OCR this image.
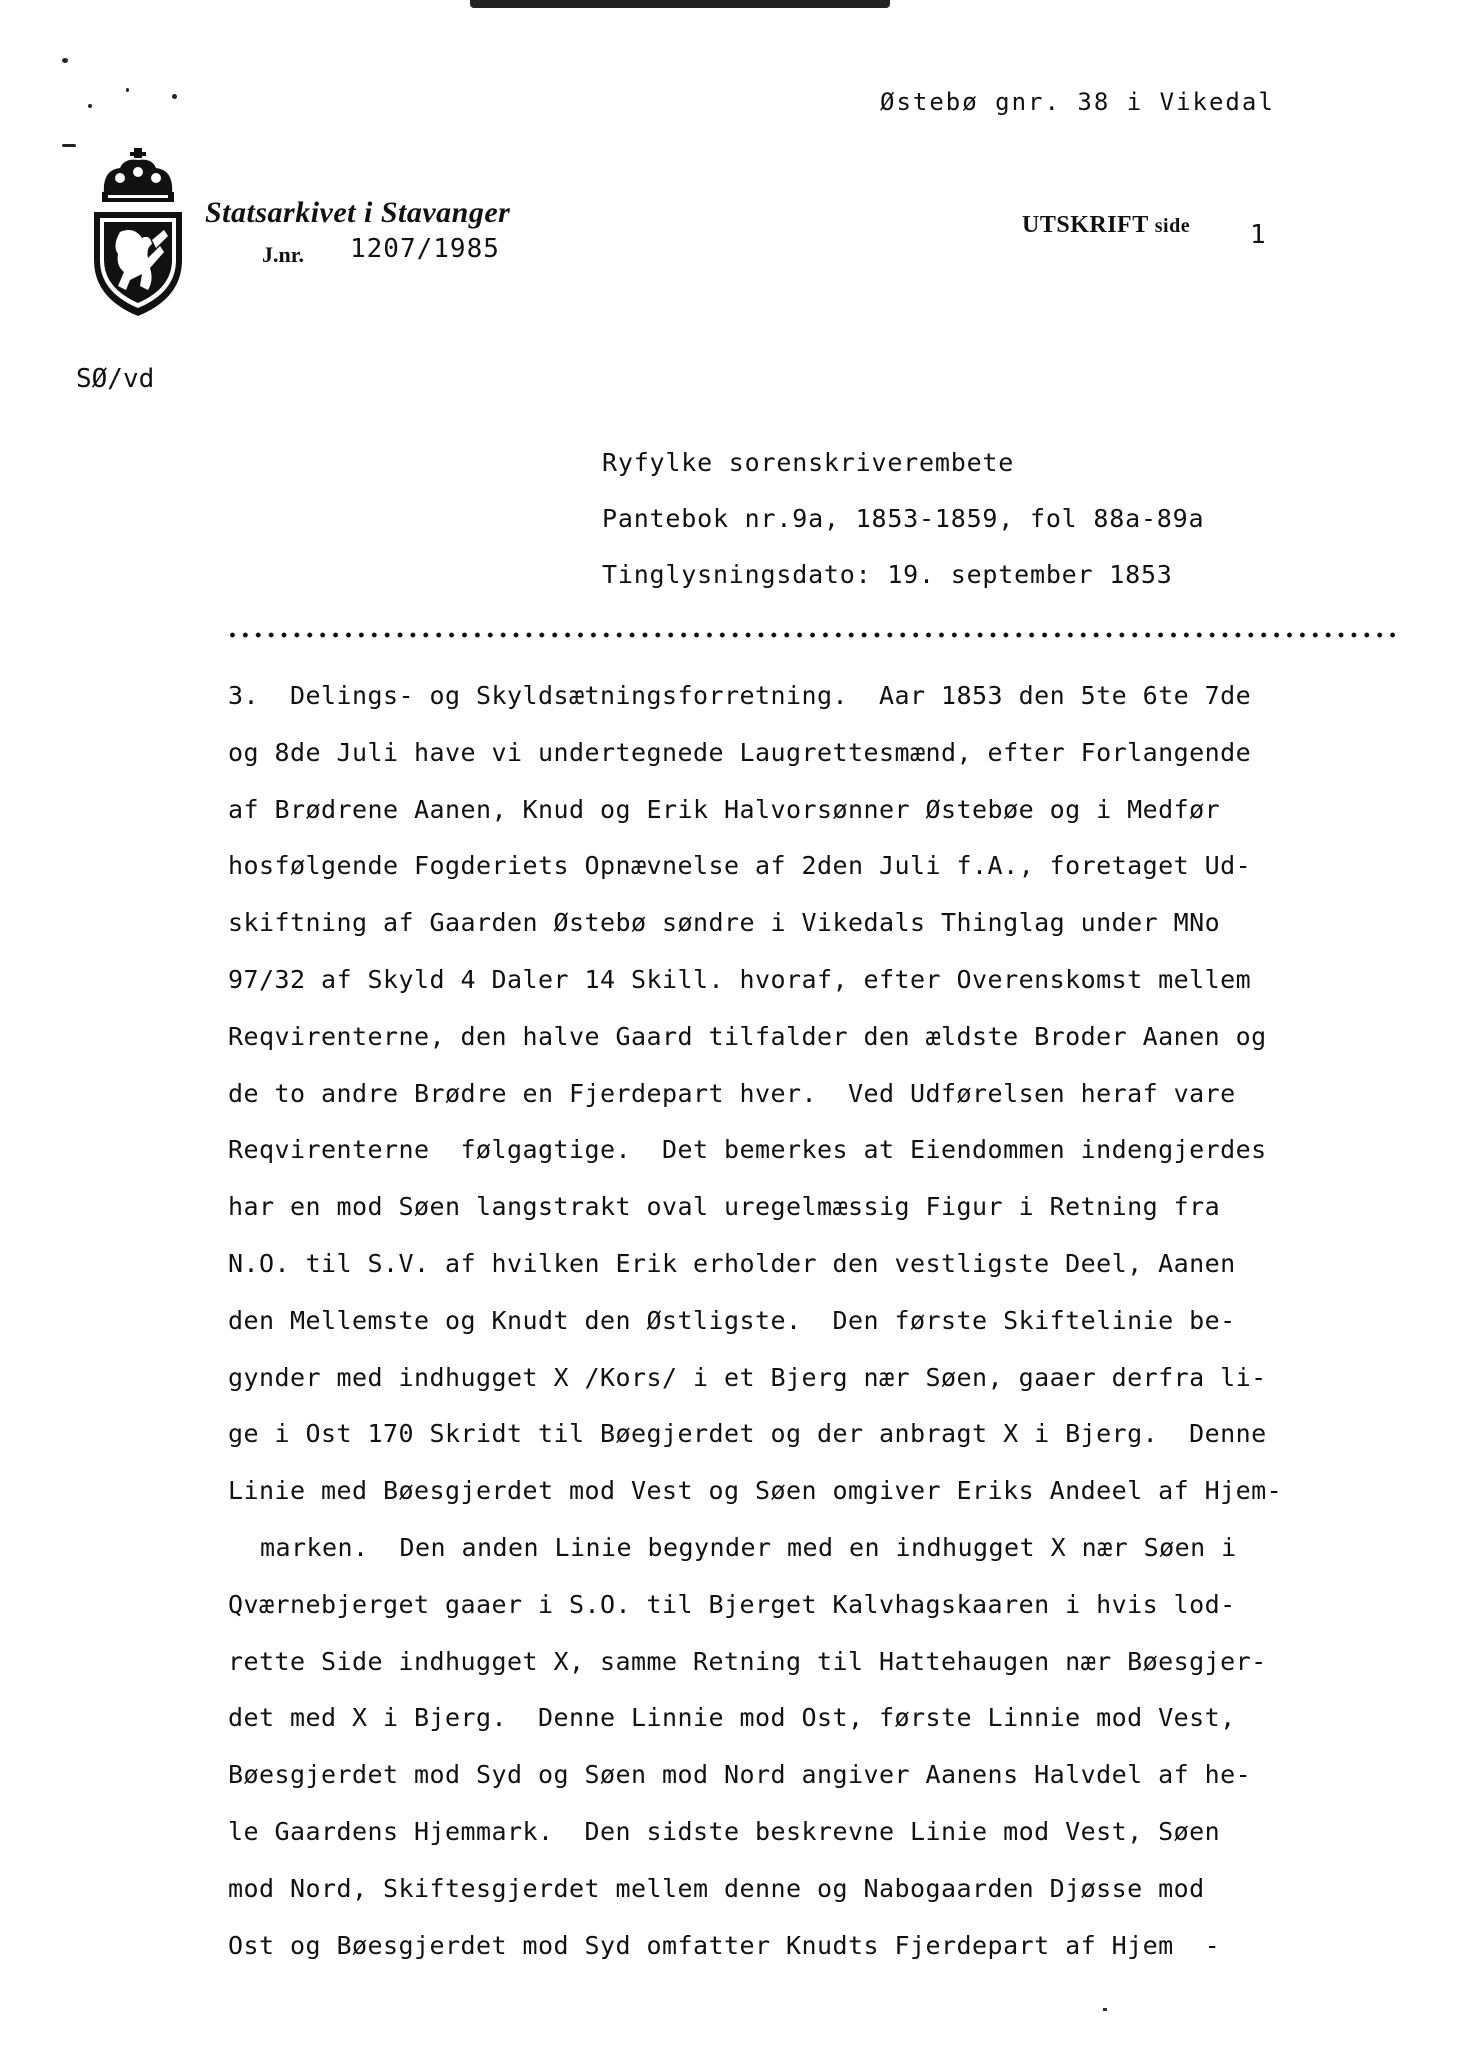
Østebø gnr. 38 i Vikedal
Statsarkivet i Stavanger
J.nr. 1207/1985
UTSKRIFT side 1
SØ/vd
Ryfylke sorenskriverembete
Pantebok nr.9a, 1853-1859, fol 88a-89a
Tinglysningsdato: 19. september 1853
3.  Delings- og Skyldsætningsforretning.  Aar 1853 den 5te 6te 7de
og 8de Juli have vi undertegnede Laugrettesmænd, efter Forlangende
af Brødrene Aanen, Knud og Erik Halvorsønner Østebøe og i Medfør
hosfølgende Fogderiets Opnævnelse af 2den Juli f.A., foretaget Ud-
skiftning af Gaarden Østebø søndre i Vikedals Thinglag under MNo
97/32 af Skyld 4 Daler 14 Skill. hvoraf, efter Overenskomst mellem
Reqvirenterne, den halve Gaard tilfalder den ældste Broder Aanen og
de to andre Brødre en Fjerdepart hver.  Ved Udførelsen heraf vare
Reqvirenterne  følgagtige.  Det bemerkes at Eiendommen indengjerdes
har en mod Søen langstrakt oval uregelmæssig Figur i Retning fra
N.O. til S.V. af hvilken Erik erholder den vestligste Deel, Aanen
den Mellemste og Knudt den Østligste.  Den første Skiftelinie be-
gynder med indhugget X /Kors/ i et Bjerg nær Søen, gaaer derfra li-
ge i Ost 170 Skridt til Bøegjerdet og der anbragt X i Bjerg.  Denne
Linie med Bøesgjerdet mod Vest og Søen omgiver Eriks Andeel af Hjem-
marken.  Den anden Linie begynder med en indhugget X nær Søen i
Qværnebjerget gaaer i S.O. til Bjerget Kalvhagskaaren i hvis lod-
rette Side indhugget X, samme Retning til Hattehaugen nær Bøesgjer-
det med X i Bjerg.  Denne Linnie mod Ost, første Linnie mod Vest,
Bøesgjerdet mod Syd og Søen mod Nord angiver Aanens Halvdel af he-
le Gaardens Hjemmark.  Den sidste beskrevne Linie mod Vest, Søen
mod Nord, Skiftesgjerdet mellem denne og Nabogaarden Djøsse mod
Ost og Bøesgjerdet mod Syd omfatter Knudts Fjerdepart af Hjem  -
